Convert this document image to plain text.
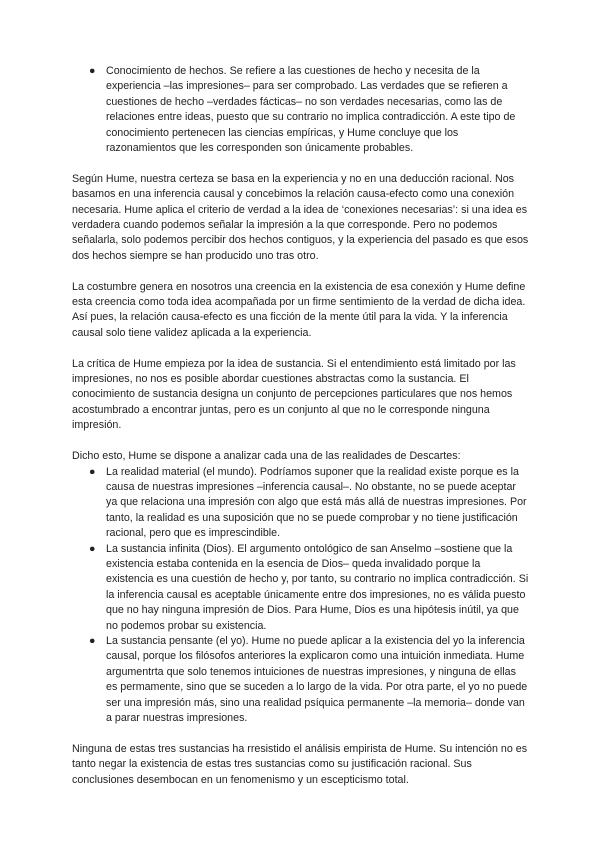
● Conocimiento de hechos. Se refiere a las cuestiones de hecho y necesita de la experiencia –las impresiones– para ser comprobado. Las verdades que se refieren a cuestiones de hecho –verdades fácticas– no son verdades necesarias, como las de relaciones entre ideas, puesto que su contrario no implica contradicción. A este tipo de conocimiento pertenecen las ciencias empíricas, y Hume concluye que los razonamientos que les corresponden son únicamente probables.

Según Hume, nuestra certeza se basa en la experiencia y no en una deducción racional. Nos basamos en una inferencia causal y concebimos la relación causa-efecto como una conexión necesaria. Hume aplica el criterio de verdad a la idea de ‘conexiones necesarias’: si una idea es verdadera cuando podemos señalar la impresión a la que corresponde. Pero no podemos señalarla, solo podemos percibir dos hechos contiguos, y la experiencia del pasado es que esos dos hechos siempre se han producido uno tras otro.

La costumbre genera en nosotros una creencia en la existencia de esa conexión y Hume define esta creencia como toda idea acompañada por un firme sentimiento de la verdad de dicha idea. Así pues, la relación causa-efecto es una ficción de la mente útil para la vida. Y la inferencia causal solo tiene validez aplicada a la experiencia.

La crítica de Hume empieza por la idea de sustancia. Si el entendimiento está limitado por las impresiones, no nos es posible abordar cuestiones abstractas como la sustancia. El conocimiento de sustancia designa un conjunto de percepciones particulares que nos hemos acostumbrado a encontrar juntas, pero es un conjunto al que no le corresponde ninguna impresión.

Dicho esto, Hume se dispone a analizar cada una de las realidades de Descartes:

● La realidad material (el mundo). Podríamos suponer que la realidad existe porque es la causa de nuestras impresiones –inferencia causal–. No obstante, no se puede aceptar ya que relaciona una impresión con algo que está más allá de nuestras impresiones. Por tanto, la realidad es una suposición que no se puede comprobar y no tiene justificación racional, pero que es imprescindible.
● La sustancia infinita (Dios). El argumento ontológico de san Anselmo –sostiene que la existencia estaba contenida en la esencia de Dios– queda invalidado porque la existencia es una cuestión de hecho y, por tanto, su contrario no implica contradicción. Si la inferencia causal es aceptable únicamente entre dos impresiones, no es válida puesto que no hay ninguna impresión de Dios. Para Hume, Dios es una hipótesis inútil, ya que no podemos probar su existencia.
● La sustancia pensante (el yo). Hume no puede aplicar a la existencia del yo la inferencia causal, porque los filósofos anteriores la explicaron como una intuición inmediata. Hume argumentrta que solo tenemos intuiciones de nuestras impresiones, y ninguna de ellas es permamente, sino que se suceden a lo largo de la vida. Por otra parte, el yo no puede ser una impresión más, sino una realidad psíquica permanente –la memoria– donde van a parar nuestras impresiones.

Ninguna de estas tres sustancias ha rresistido el análisis empirista de Hume. Su intención no es tanto negar la existencia de estas tres sustancias como su justificación racional. Sus conclusiones desembocan en un fenomenismo y un escepticismo total.
